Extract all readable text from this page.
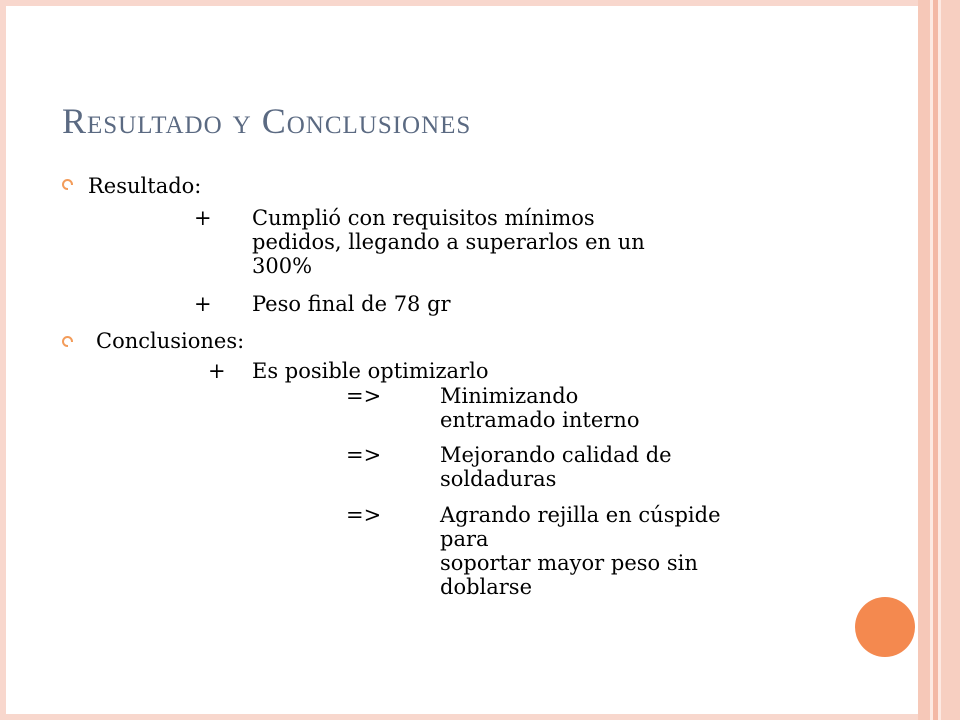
Resultado y Conclusiones
Resultado:
+ Cumplió con requisitos mínimos
pedidos, llegando a superarlos en un
300%
+ Peso final de 78 gr
Conclusiones:
+ Es posible optimizarlo
=>	Minimizando
entramado interno
=>	Mejorando calidad de
soldaduras
=>	Agrando rejilla en cúspide
para
soportar mayor peso sin
doblarse
